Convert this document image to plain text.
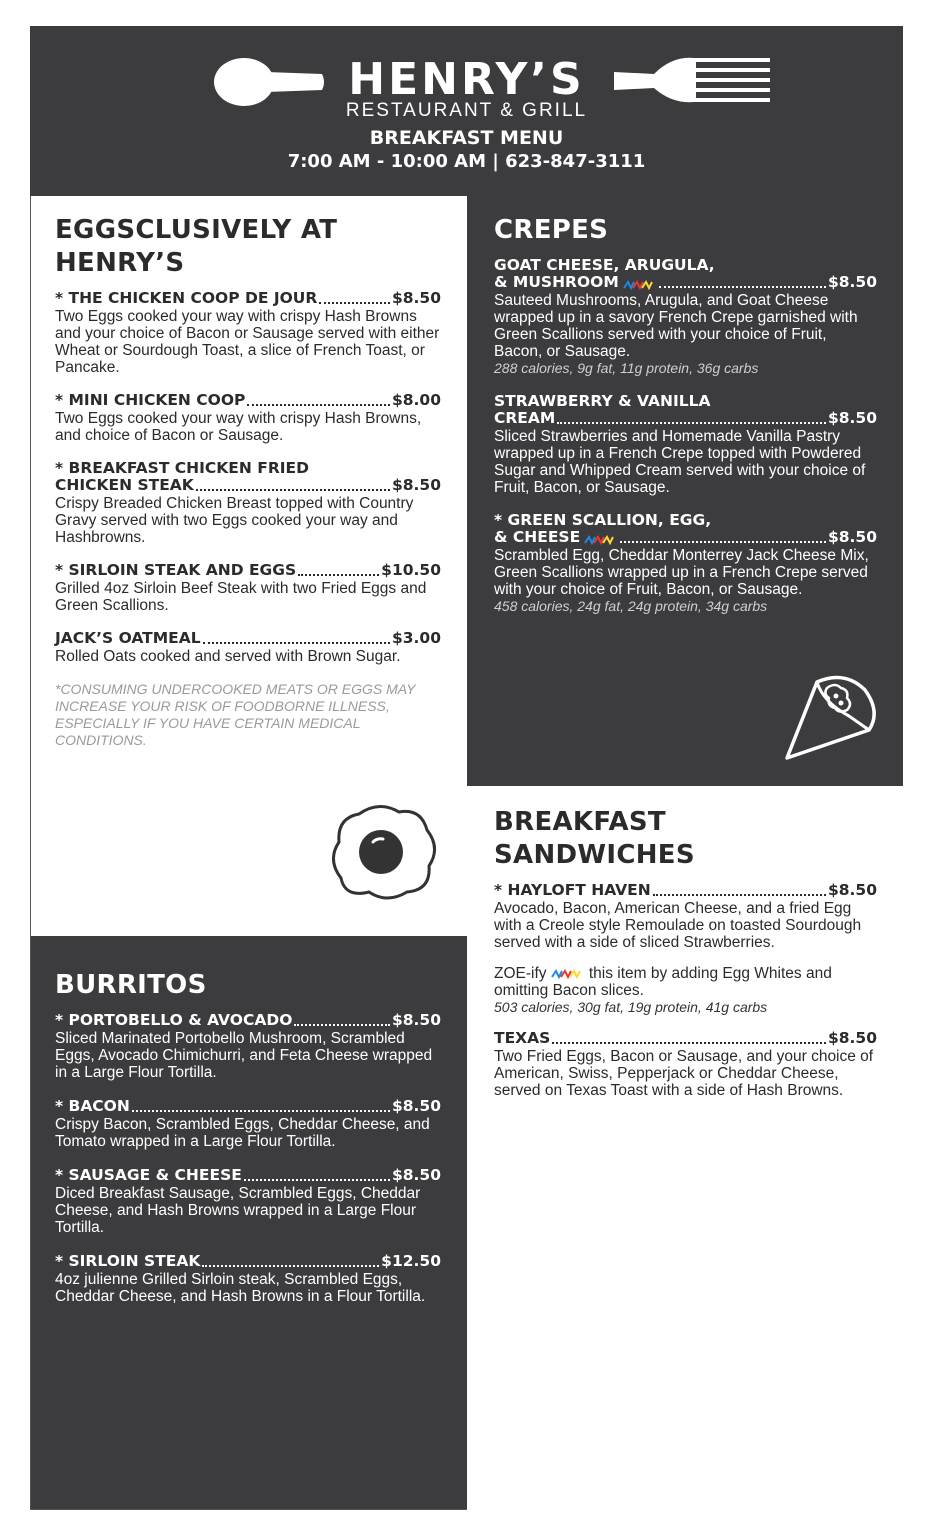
HENRY’S
RESTAURANT & GRILL
BREAKFAST MENU
7:00 AM - 10:00 AM | 623-847-3111
EGGSCLUSIVELY AT HENRY’S
* THE CHICKEN COOP DE JOUR	$8.50
Two Eggs cooked your way with crispy Hash Browns and your choice of Bacon or Sausage served with either Wheat or Sourdough Toast, a slice of French Toast, or Pancake.
* MINI CHICKEN COOP	$8.00
Two Eggs cooked your way with crispy Hash Browns, and choice of Bacon or Sausage.
* BREAKFAST CHICKEN FRIED
CHICKEN STEAK	$8.50
Crispy Breaded Chicken Breast topped with Country Gravy served with two Eggs cooked your way and Hashbrowns.
* SIRLOIN STEAK AND EGGS	$10.50
Grilled 4oz Sirloin Beef Steak with two Fried Eggs and Green Scallions.
JACK’S OATMEAL	$3.00
Rolled Oats cooked and served with Brown Sugar.
*CONSUMING UNDERCOOKED MEATS OR EGGS MAY INCREASE YOUR RISK OF FOODBORNE ILLNESS, ESPECIALLY IF YOU HAVE CERTAIN MEDICAL CONDITIONS.
CREPES
GOAT CHEESE, ARUGULA,
& MUSHROOM	$8.50
Sauteed Mushrooms, Arugula, and Goat Cheese wrapped up in a savory French Crepe garnished with Green Scallions served with your choice of Fruit, Bacon, or Sausage.
288 calories, 9g fat, 11g protein, 36g carbs
STRAWBERRY & VANILLA
CREAM	$8.50
Sliced Strawberries and Homemade Vanilla Pastry wrapped up in a French Crepe topped with Powdered Sugar and Whipped Cream served with your choice of Fruit, Bacon, or Sausage.
* GREEN SCALLION, EGG,
& CHEESE	$8.50
Scrambled Egg, Cheddar Monterrey Jack Cheese Mix, Green Scallions wrapped up in a French Crepe served with your choice of Fruit, Bacon, or Sausage.
458 calories, 24g fat, 24g protein, 34g carbs
BREAKFAST SANDWICHES
* HAYLOFT HAVEN	$8.50
Avocado, Bacon, American Cheese, and a fried Egg with a Creole style Remoulade on toasted Sourdough served with a side of sliced Strawberries.
ZOE-ify	this item by adding Egg Whites and omitting Bacon slices.
503 calories, 30g fat, 19g protein, 41g carbs
TEXAS	$8.50
Two Fried Eggs, Bacon or Sausage, and your choice of American, Swiss, Pepperjack or Cheddar Cheese, served on Texas Toast with a side of Hash Browns.
BURRITOS
* PORTOBELLO & AVOCADO	$8.50
Sliced Marinated Portobello Mushroom, Scrambled Eggs, Avocado Chimichurri, and Feta Cheese wrapped in a Large Flour Tortilla.
* BACON	$8.50
Crispy Bacon, Scrambled Eggs, Cheddar Cheese, and Tomato wrapped in a Large Flour Tortilla.
* SAUSAGE & CHEESE	$8.50
Diced Breakfast Sausage, Scrambled Eggs, Cheddar Cheese, and Hash Browns wrapped in a Large Flour Tortilla.
* SIRLOIN STEAK	$12.50
4oz julienne Grilled Sirloin steak, Scrambled Eggs, Cheddar Cheese, and Hash Browns in a Flour Tortilla.
